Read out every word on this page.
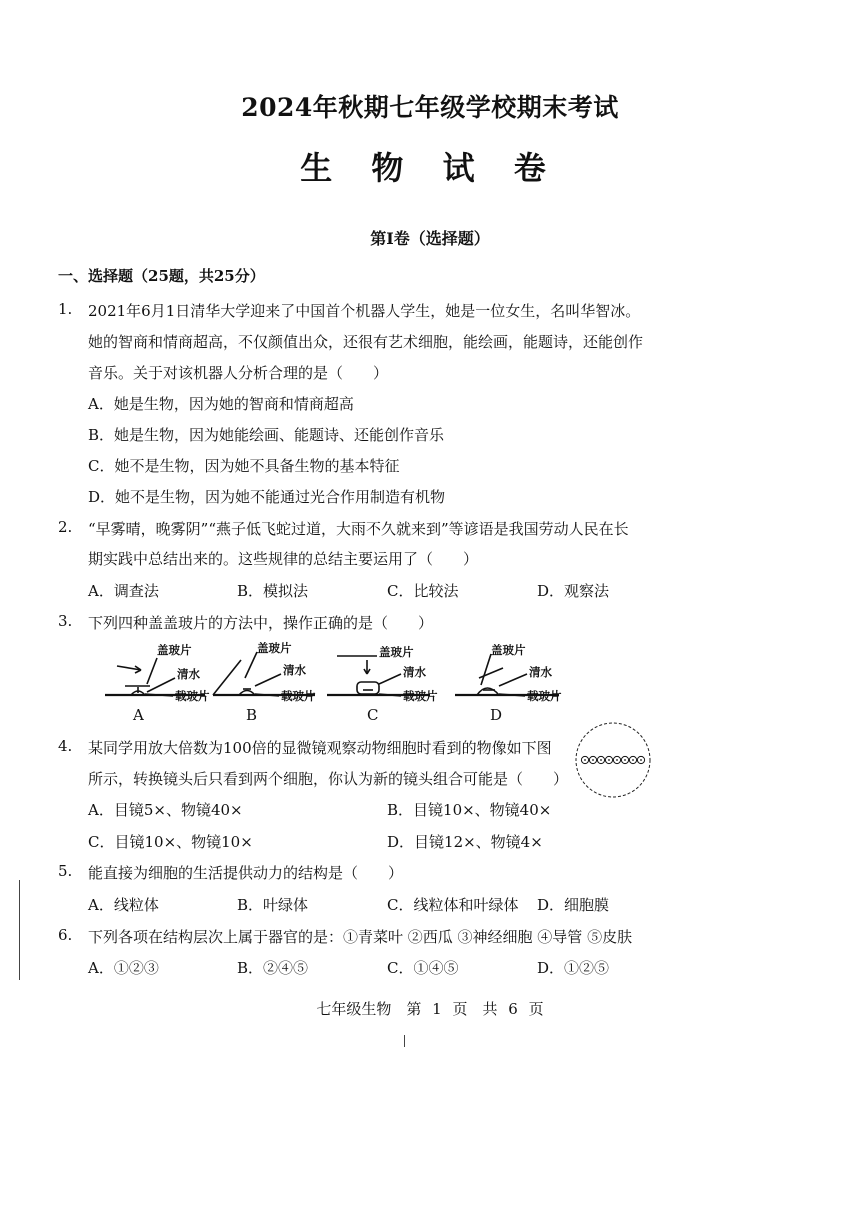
2024年秋期七年级学校期末考试
生 物 试 卷
第Ⅰ卷（选择题）
一、选择题（25题，共25分）
1. 2021年6月1日清华大学迎来了中国首个机器人学生，她是一位女生，名叫华智冰。
她的智商和情商超高，不仅颜值出众，还很有艺术细胞，能绘画，能题诗，还能创作
音乐。关于对该机器人分析合理的是（　　）
A．她是生物，因为她的智商和情商超高
B．她是生物，因为她能绘画、能题诗、还能创作音乐
C．她不是生物，因为她不具备生物的基本特征
D．她不是生物，因为她不能通过光合作用制造有机物
2. “早雾晴，晚雾阴”“燕子低飞蛇过道，大雨不久就来到”等谚语是我国劳动人民在长
期实践中总结出来的。这些规律的总结主要运用了（　　）
A．调查法	B．模拟法	C．比较法	D．观察法
3. 下列四种盖盖玻片的方法中，操作正确的是（　　）
盖玻片
清水
载玻片
盖玻片
清水
载玻片
盖玻片
清水
载玻片
盖玻片
清水
载玻片
A	B	C	D
4. 某同学用放大倍数为100倍的显微镜观察动物细胞时看到的物像如下图
所示，转换镜头后只看到两个细胞，你认为新的镜头组合可能是（　　）
A．目镜5×、物镜40×	B．目镜10×、物镜40×
C．目镜10×、物镜10×	D．目镜12×、物镜4×
5. 能直接为细胞的生活提供动力的结构是（　　）
A．线粒体	B．叶绿体	C．线粒体和叶绿体 D．细胞膜
6. 下列各项在结构层次上属于器官的是：①青菜叶 ②西瓜 ③神经细胞 ④导管 ⑤皮肤
A．①②③	B．②④⑤	C．①④⑤	D．①②⑤
七年级生物　第 1 页　共 6 页
